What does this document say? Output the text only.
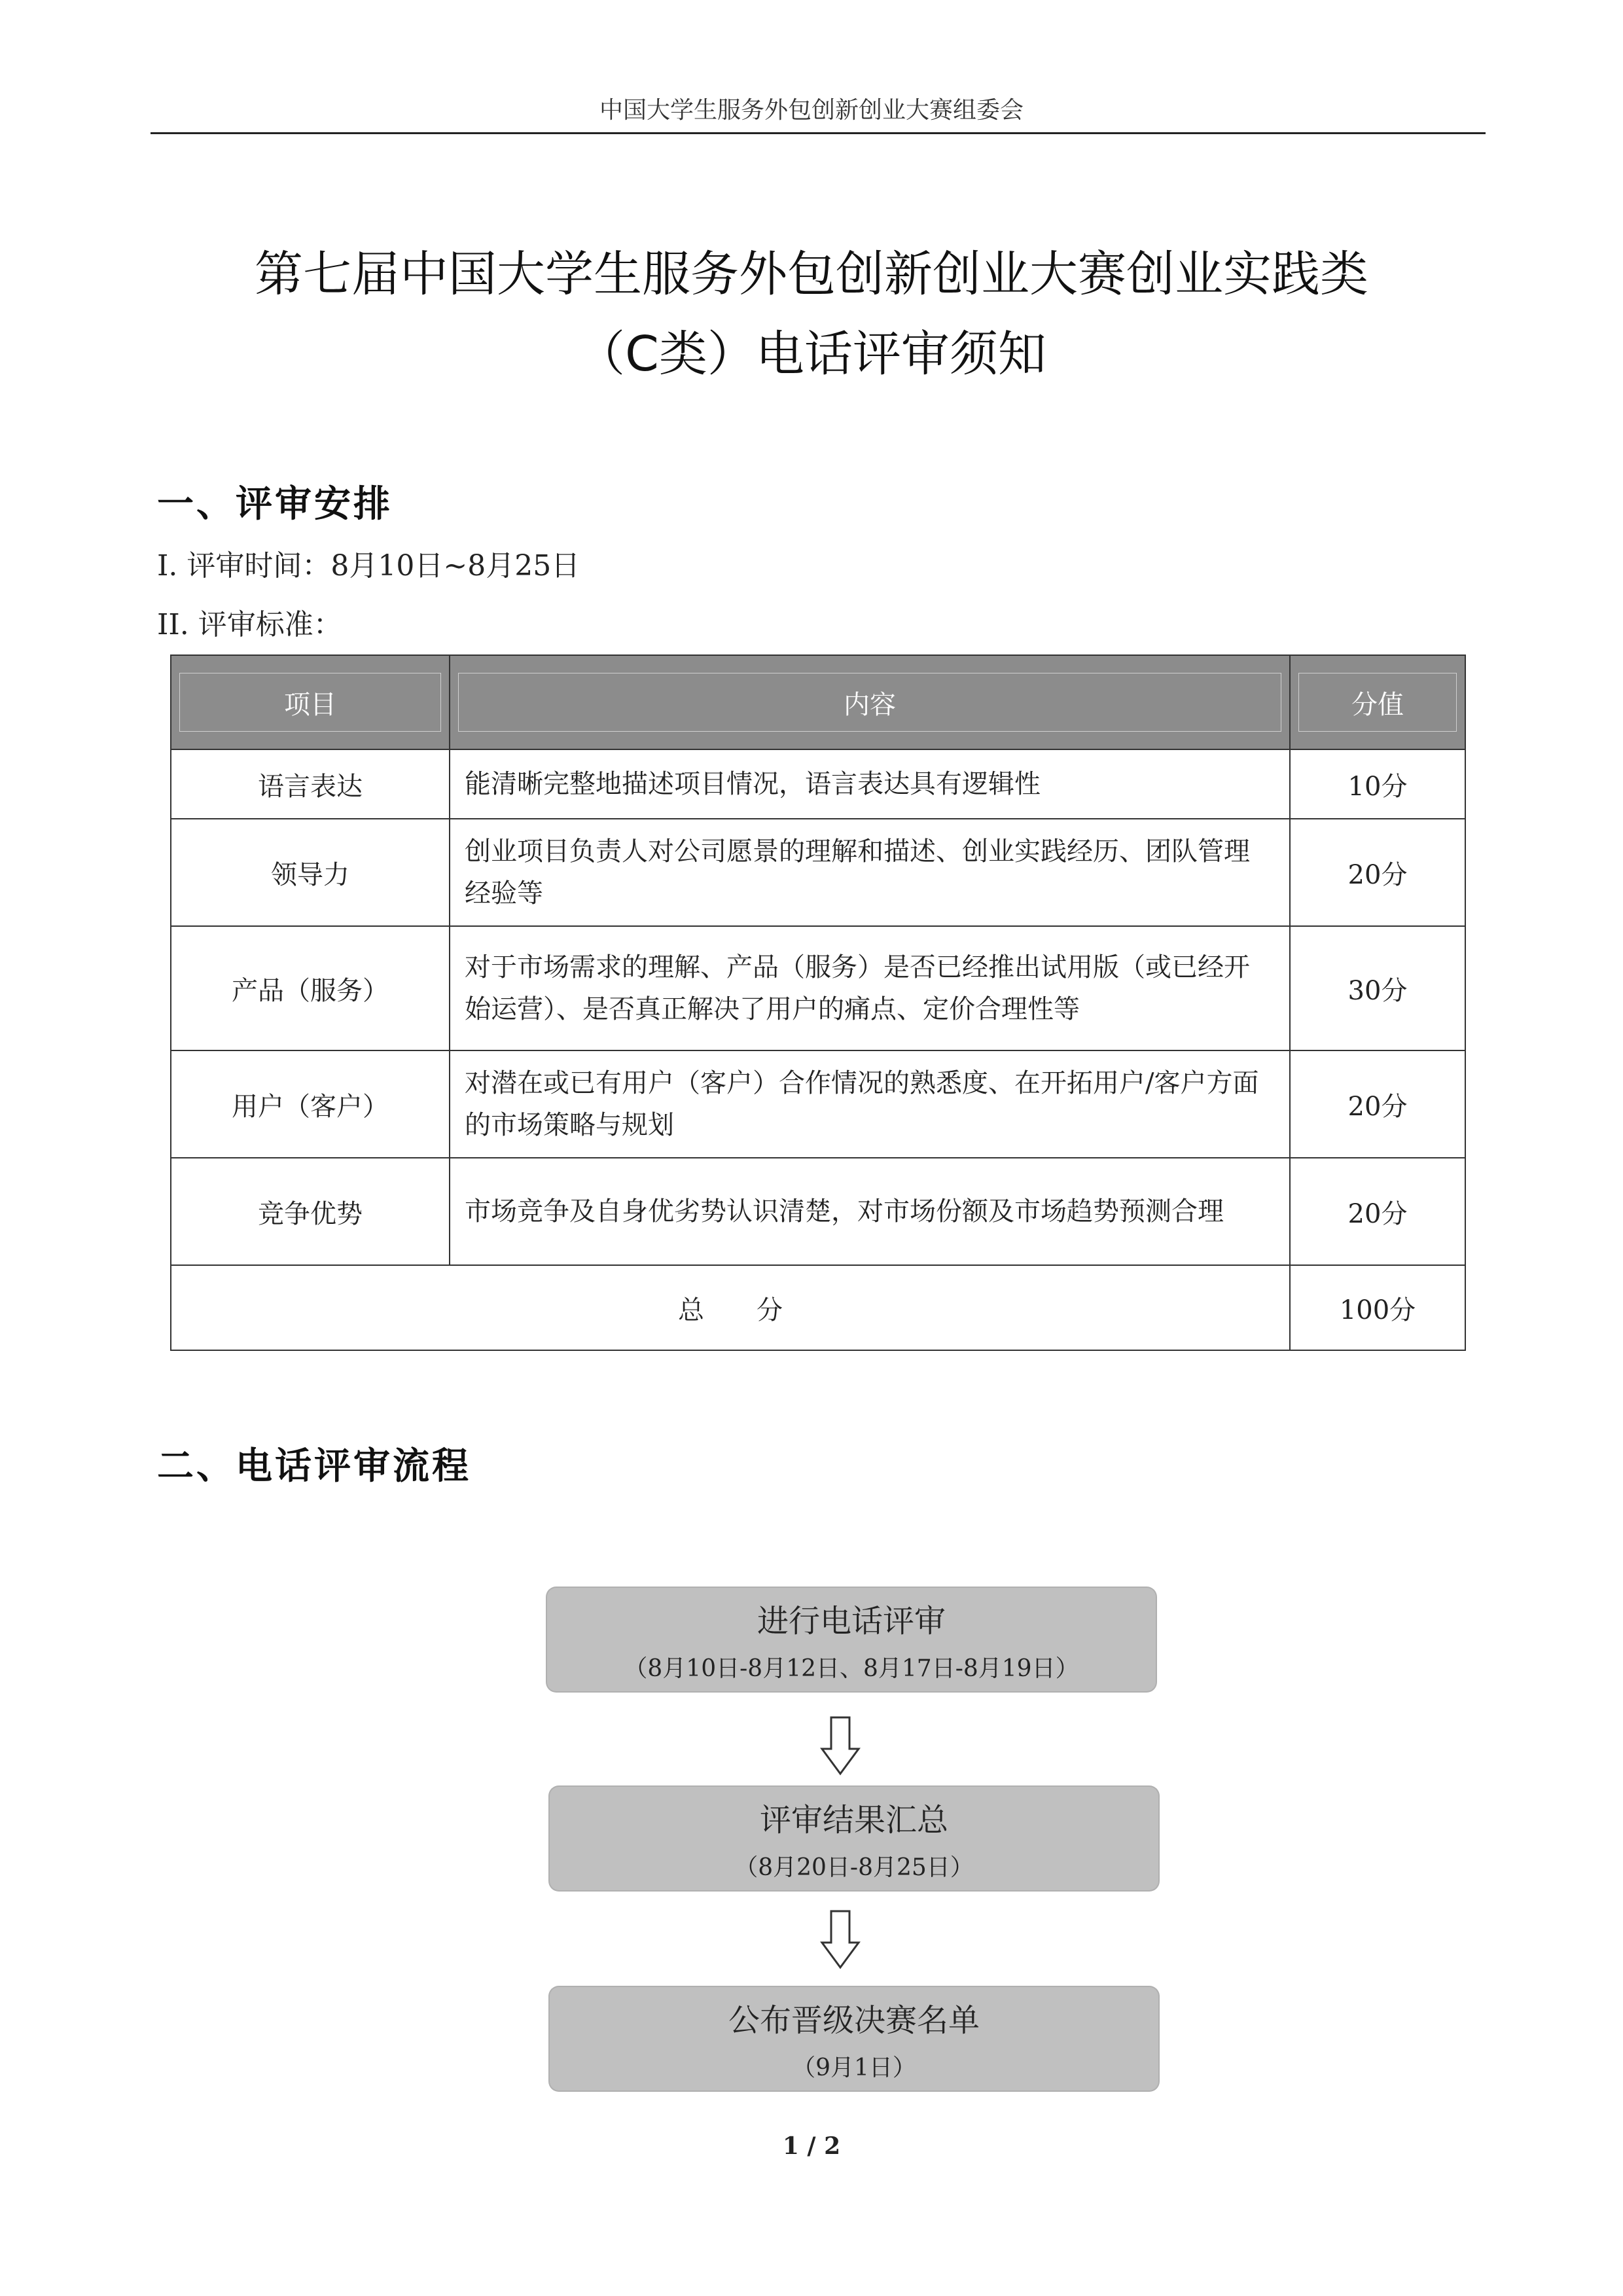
中国大学生服务外包创新创业大赛组委会
第七届中国大学生服务外包创新创业大赛创业实践类
（C类）电话评审须知
一、评审安排
I. 评审时间：8月10日~8月25日
II. 评审标准：
项目	内容	分值

语言表达	能清晰完整地描述项目情况，语言表达具有逻辑性	10分
领导力	创业项目负责人对公司愿景的理解和描述、创业实践经历、团队管理经验等	20分
产品（服务）	对于市场需求的理解、产品（服务）是否已经推出试用版（或已经开始运营）、是否真正解决了用户的痛点、定价合理性等	30分
用户（客户）	对潜在或已有用户（客户）合作情况的熟悉度、在开拓用户/客户方面的市场策略与规划	20分
竞争优势	市场竞争及自身优劣势认识清楚，对市场份额及市场趋势预测合理	20分
总　　分		100分
二、电话评审流程
进行电话评审
（8月10日-8月12日、8月17日-8月19日）
评审结果汇总
（8月20日-8月25日）
公布晋级决赛名单
（9月1日）
1 / 2
